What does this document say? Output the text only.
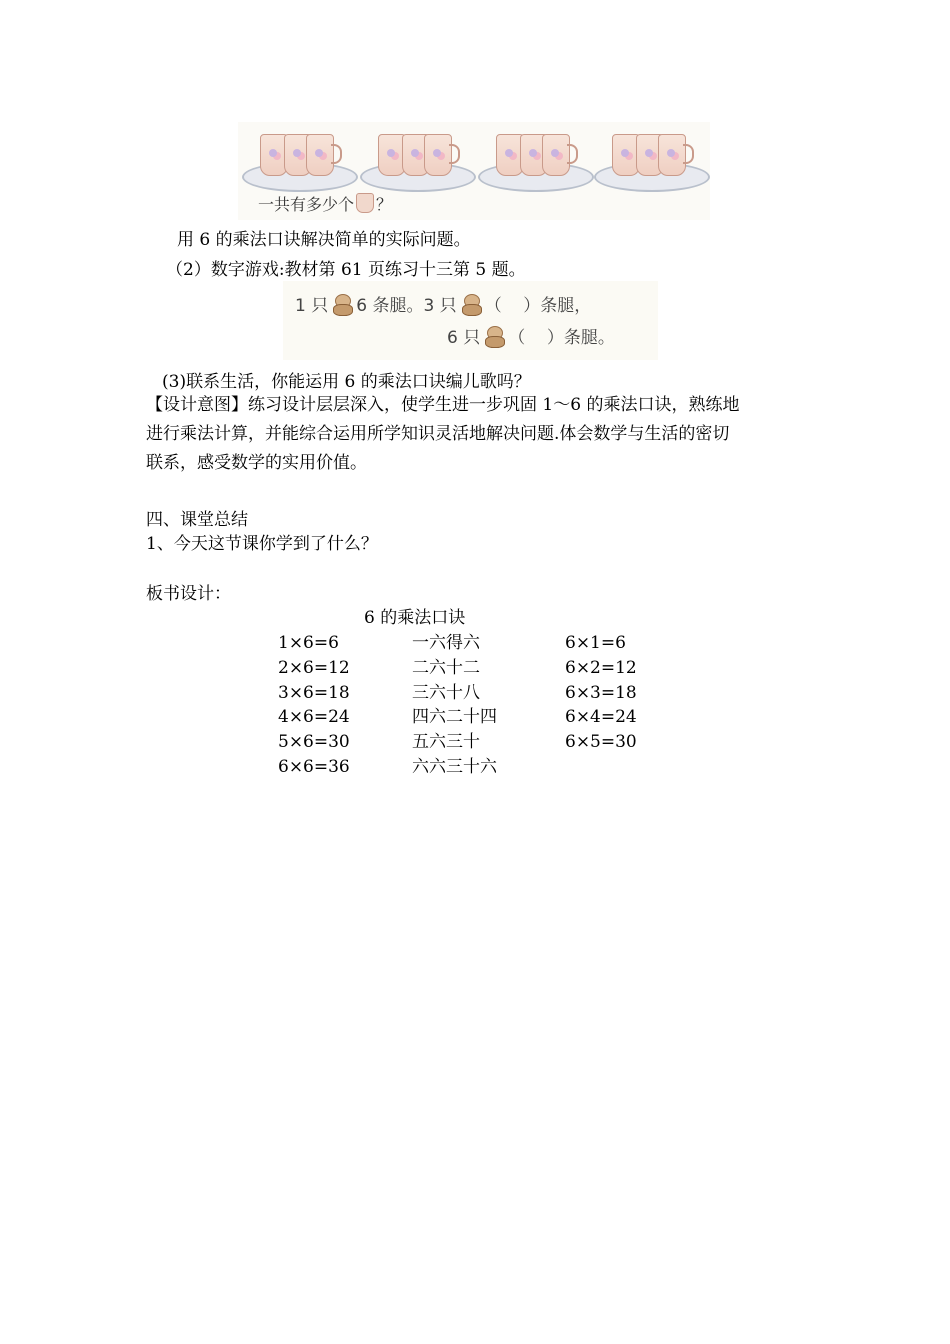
一共有多少个 ？
用 6 的乘法口诀解决简单的实际问题。
（2）数字游戏:教材第 61 页练习十三第 5 题。
1 只 6 条腿。3 只 （    ）条腿，
6 只 （    ）条腿。
(3)联系生活，你能运用 6 的乘法口诀编儿歌吗？
【设计意图】练习设计层层深入，使学生进一步巩固 1～6 的乘法口诀，熟练地
进行乘法计算，并能综合运用所学知识灵活地解决问题.体会数学与生活的密切
联系，感受数学的实用价值。
四、课堂总结
1、今天这节课你学到了什么？
板书设计：
6 的乘法口诀
1×6=6
2×6=12
3×6=18
4×6=24
5×6=30
6×6=36
一六得六
二六十二
三六十八
四六二十四
五六三十
六六三十六
6×1=6
6×2=12
6×3=18
6×4=24
6×5=30
